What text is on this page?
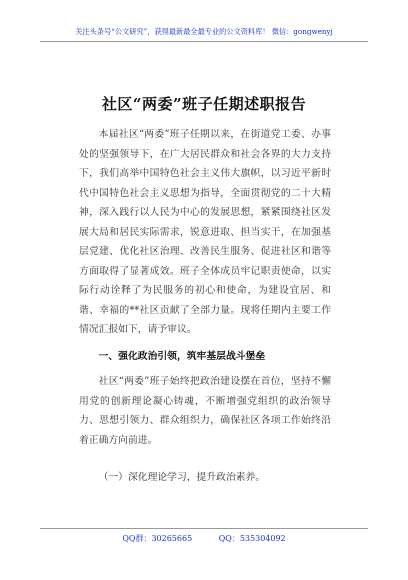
关注头条号“公文研究”，获得最新最全最专业的公文资料库！ 微信：gongwenyj
社区“两委”班子任期述职报告

本届社区“两委”班子任期以来，在街道党工委、办事处的坚强领导下，在广大居民群众和社会各界的大力支持下，我们高举中国特色社会主义伟大旗帜，以习近平新时代中国特色社会主义思想为指导，全面贯彻党的二十大精神，深入践行以人民为中心的发展思想，紧紧围绕社区发展大局和居民实际需求，锐意进取、担当实干，在加强基层党建、优化社区治理、改善民生服务、促进社区和谐等方面取得了显著成效。班子全体成员牢记职责使命，以实际行动诠释了为民服务的初心和使命，为建设宜居、和谐、幸福的**社区贡献了全部力量。现将任期内主要工作情况汇报如下，请予审议。

一、强化政治引领，筑牢基层战斗堡垒

社区“两委”班子始终把政治建设摆在首位，坚持不懈用党的创新理论凝心铸魂，不断增强党组织的政治领导力、思想引领力、群众组织力，确保社区各项工作始终沿着正确方向前进。

（一）深化理论学习，提升政治素养。
QQ群：30265665	QQ：535304092
